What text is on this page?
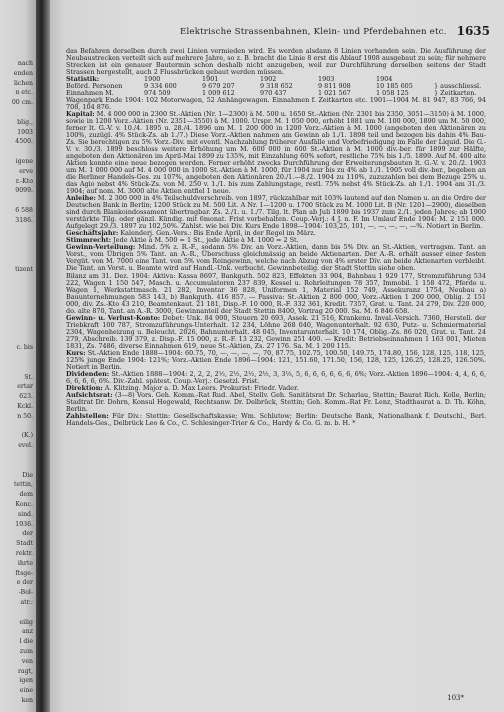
nach
enden
lichen
n etc.
00 cm.
blig.,
1903
4500.
igene
erve
r.-Kto
9099.
6 588
3186.
tizent
c. bis
St.
ertar
623.
Kckl.
n 50.
(K.)
evel.
Die
tettin,
dem
Konc.
sind.
1936.
der
Stadt
rektr.
ihrte
ftsge-
e der
-Bol-
atr.:
eilig
anz
l die
zum
ven
ragt,
igen
eine
ken
Elektrische Strassenbahnen, Klein- und Pferdebahnen etc. 1635

das Befahren derselben durch zwei Linien vermieden wird. Es werden alsdann 8 Linien vorhanden sein. Die Ausführung der Neubaustrecken verteilt sich auf mehrere Jahre, so z. B. bracht die Linie 8 erst dis Ablauf 1908 ausgebaut zu sein; für nehmere Strecken ist ein genauer Bautermin schon deshalb nicht anzugeben, weil zur Durchführung derselben seitens der Stadt Strassen hergestellt, auch 2 Flussbrücken gebaut werden müssen.

Statistik:	1900	1901	1902	1903	1904
Beförd. Personen	9 334 600	9 679 207	9 318 652	9 811 908	10 185 605	} ausschliessl.
Einnahmen M.	974 509	1 009 612	970 437	1 021 567	1 058 125	} Zeitkarten.

Wagenpark Ende 1904: 102 Motorwagen, 52 Anhängewagen. Einnahmen f. Zeitkarten etc. 1901—1904 M. 81 947, 83 766, 94 708, 104 876.

Kapital: M. 4 000 000 in 2300 St.-Aktien (Nr. 1—2300) à M. 500 u. 1650 St.-Aktien (Nr. 2301 bis 2350, 3051—3150) à M. 1000, sowie in 1200 Vorz.-Aktien (Nr. 2351—3550) à M. 1000. Urspr. M. 1 050 000, erhöht 1881 um M. 100 000, 1890 um M. 50 000, ferner lt. G.-V. v. 10./4. 1895 u. 28./4. 1896 um M. 1 200 000 in 1200 Vorz.-Aktien à M. 1000 (angeboten den Aktionären zu 100%, zuzügl. 4% Stück-Zs. ab 1./7.) Diese Vorz.-Aktien nahmen am Gewinn ab 1./1. 1898 teil und bezogen bis dahin 4% Bau-Zs. Sie berechtigen zu 5% Vorz.-Div. mit eventl. Nachzahlung früherer Ausfälle und Vorbefriedigung im Falle der Liquid. Die G.-V. v. 30./3. 1899 beschloss weitere Erhöhung um M. 600 000 in 600 St.-Aktien à M. 1000 div.-ber. für 1899 zur Hälfte, angeboten den Aktionären im April-Mai 1899 zu 135%, mit Einzahlung 60% sofort, restliche 75% bis 1./5. 1899. Auf M. 400 alte Aktien konnte eine neue bezogen werden. Ferner erhöht zwecks Durchführung der Erweiterungsbauten lt. G.-V. v. 20./2. 1903 um M. 1 000 000 auf M. 4 000 000 in 1000 St.-Aktien à M. 1000, für 1904 nur bis zu 4% ab 1./1. 1905 voll div.-ber., begeben an die Berliner Handels-Ges. zu 107%, angeboten den Aktionären 20./1.—8./2. 1904 zu 110%, zuzuzahlen bei dem Bezuge 25% u. das Agio nebst 4% Stück-Zs. von M. 250 v. 1./1. bis zum Zahlungstage, restl. 75% nebst 4% Stück-Zs. ab 1./1. 1904 am 31./3. 1904; auf nom. M. 3000 alte Aktien entfiel 1 neue.

Anleihe: M. 2 300 000 in 4% Teilschuldverschreib. von 1897, rückzahlbar mit 103% lautend auf den Namen u. an die Ordre der Deutschen Bank in Berlin; 1200 Stück zu M. 500 Lit. A Nr. 1—1200 u. 1700 Stück zu M. 1000 Lit. B (Nr. 1201—2900), dieselben sind durch Blankoindossament übertragbar. Zs. 2./1. u. 1./7. Tilg. lt. Plan ab Juli 1899 bis 1937 zum 2./1. jeden Jahres; ab 1900 verstärkte Tilg. oder gänzl. Kündig. mit 6monat. Frist vorbehalten. Coup.-Verj.: 4 J. n. F. Im Umlauf Ende 1904: M. 2 151 000. Aufgelegt 29./3. 1897 zu 102,50%. Zahlst. wie bei Div. Kurs Ende 1898—1904: 103,25, 101, —, —, —, —, —%. Notiert in Berlin.

Geschäftsjahr: Kalenderj. Gen.-Vers.: Bis Ende April, in der Regel im März.

Stimmrecht: Jede Aktie à M. 500 = 1 St., jede Aktie à M. 1000 = 2 St.

Gewinn-Verteilung: Mind. 5% z. R.-F., sodann 5% Div. an Vorz.-Aktien, dann bis 5% Div. an St.-Aktien, vertragsm. Tant. an Vorst., vom Übrigen 5% Tant. an A.-R., Überschuss gleichmässig an beide Aktienarten. Der A.-R. erhält ausser einer festen Vergüt. von M. 7000 eine Tant. von 5% vom Reingewinn, welche nach Abzug von 4% erster Div. an beide Aktienarten verbleibt. Die Tant. an Vorst. u. Beamte wird auf Handl.-Unk. verbucht. Gewinnbeteilig. der Stadt Stettin siehe oben.

Bilanz am 31. Dez. 1904: Aktiva: Kassa 8697, Bankguth. 502 823, Effekten 33 904, Bahnbau 1 929 177, Stromzuführung 534 222, Wagen 1 150 547, Masch. u. Accumulatoren 237 839, Kessel u. Rohrleitungen 78 357, Immobil. 1 158 472, Pferde u. Wagen 1, Werkstattmasch. 21 282, Inventar 36 828, Uniformen 1, Material 152 749, Assekuranz 1754, Neubau a) Bauunternehmungen 583 143, b) Bankguth. 416 857. — Passiva: St.-Aktien 2 800 000, Vorz.-Aktien 1 200 000, Oblig. 2 151 000, div. Zs.-Kto 43 210, Beamtenkaut. 21 181, Disp.-F. 10 000, R.-F. 332 361, Kredit. 7357, Grat. u. Tant. 24 279, Div. 220 000, do. alte 870, Tant. an A.-R. 3000, Gewinnanteil der Stadt Stettin 8400, Vortrag 20 000. Sa. M. 6 846 658.

Gewinn- u. Verlust-Konto: Debet: Unk. 84 900, Steuern 20 693, Assek. 21 516, Krankenu. Inval.-Versich. 7360, Herstell. der Triebkraft 100 787, Stromzuführungs-Unterhalt. 12 234, Löhne 268 040, Wagenunterhalt. 92 630, Putz- u. Schmiermaterial 2304, Wagenheizung u. Beleucht. 2026, Bahnunterhalt. 48 045, Inventarunterhalt. 10 174, Oblig.-Zs. 86 020, Grat. u. Tant. 24 279, Abschreib. 139 379, z. Disp.-F. 15 000, z. R.-F. 13 232, Gewinn 251 400. — Kredit: Betriebseinnahmen 1 163 001, Mieten 1831, Zs. 7486, diverse Einnahmen 619, neue St.-Aktien, Zs. 27 176. Sa. M. 1 200 115.

Kurs: St.-Aktien Ende 1888—1904: 60.75, 70, —, —, —, —, 70, 87.75, 102.75, 100.50, 149.75, 174.80, 156, 128, 125, 118, 125, 125% junge Ende 1904: 121%; Vorz.-Aktien Ende 1896—1904: 121, 151.60, 171.50, 156, 128, 125, 126.25, 128.25, 126.50%. Notiert in Berlin.

Dividenden: St.-Aktien 1888—1904: 2, 2, 2, 2½, 2½, 2½, 2½, 3, 3⅓, 5, 6, 6, 6, 6, 6, 6, 6%; Vorz.-Aktien 1896—1904: 4, 4, 6, 6, 6, 6, 6, 6, 6%. Div.-Zahl. spätest. Coup.-Verj.: Gesetzl. Frist.

Direktion: A. Klitzing. Major a. D. Max Leers. Prokurist: Friedr. Vader.

Aufsichtsrat: (3—8) Vors. Geh. Komm.-Rat Rud. Abel, Stellv. Geh. Sanitätsrat Dr. Scharlau, Stettin; Baurat Rich. Kolle, Berlin; Stadtrat Dr. Dohrn, Konsul Hegewald, Rechtsanw. Dr. Delbrück, Stettin; Geh. Komm.-Rat Fr. Lenz, Stadtbaurat a. D. Th. Köhn, Berlin.

Zahlstellen: Für Div.: Stettin: Gesellschaftskasse; Wm. Schlutow; Berlin: Deutsche Bank, Nationalbank f. Deutschl., Berl. Handels-Ges., Delbrück Leo & Co., C. Schlesinger-Trier & Co., Hardy & Co. G. m. b. H. *

103*
